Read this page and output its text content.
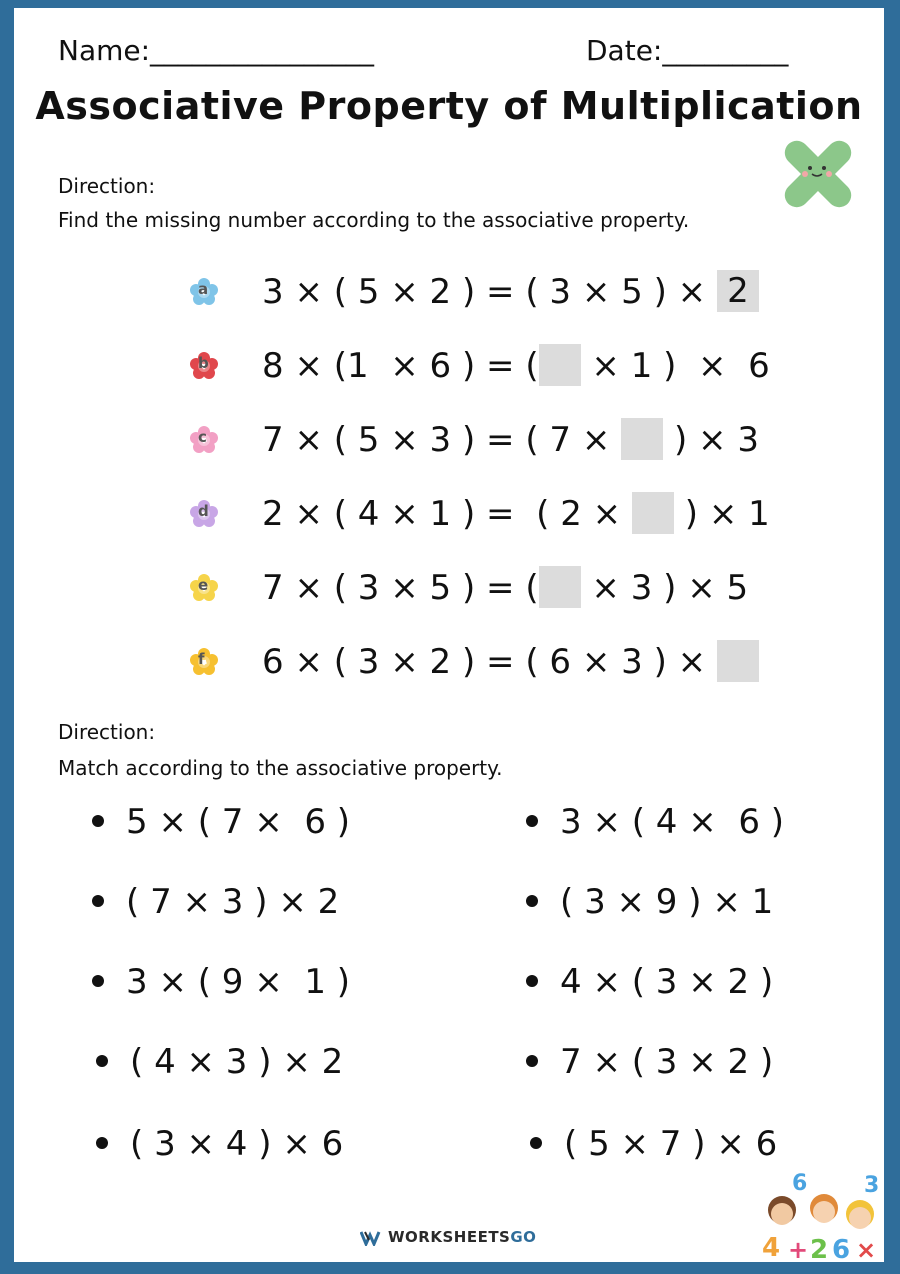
Name:________________	Date:_________
Associative Property of Multiplication
Direction:
Find the missing number according to the associative property.
a 3 × ( 5 × 2 ) = ( 3 × 5 ) × 2
b 8 × (1  × 6 ) = ( × 1 )  ×  6
c 7 × ( 5 × 3 ) = ( 7 ×  ) × 3
d 2 × ( 4 × 1 ) =  ( 2 ×  ) × 1
e 7 × ( 3 × 5 ) = ( × 3 ) × 5
f 6 × ( 3 × 2 ) = ( 6 × 3 ) ×
Direction:
Match according to the associative property.
5 × ( 7 ×  6 )
( 7 × 3 ) × 2
3 × ( 9 ×  1 )
( 4 × 3 ) × 2
( 3 × 4 ) × 6
3 × ( 4 ×  6 )
( 3 × 9 ) × 1
4 × ( 3 × 2 )
7 × ( 3 × 2 )
( 5 × 7 ) × 6
WORKSHEETSGO
6	3
4 + 2 6 ×
